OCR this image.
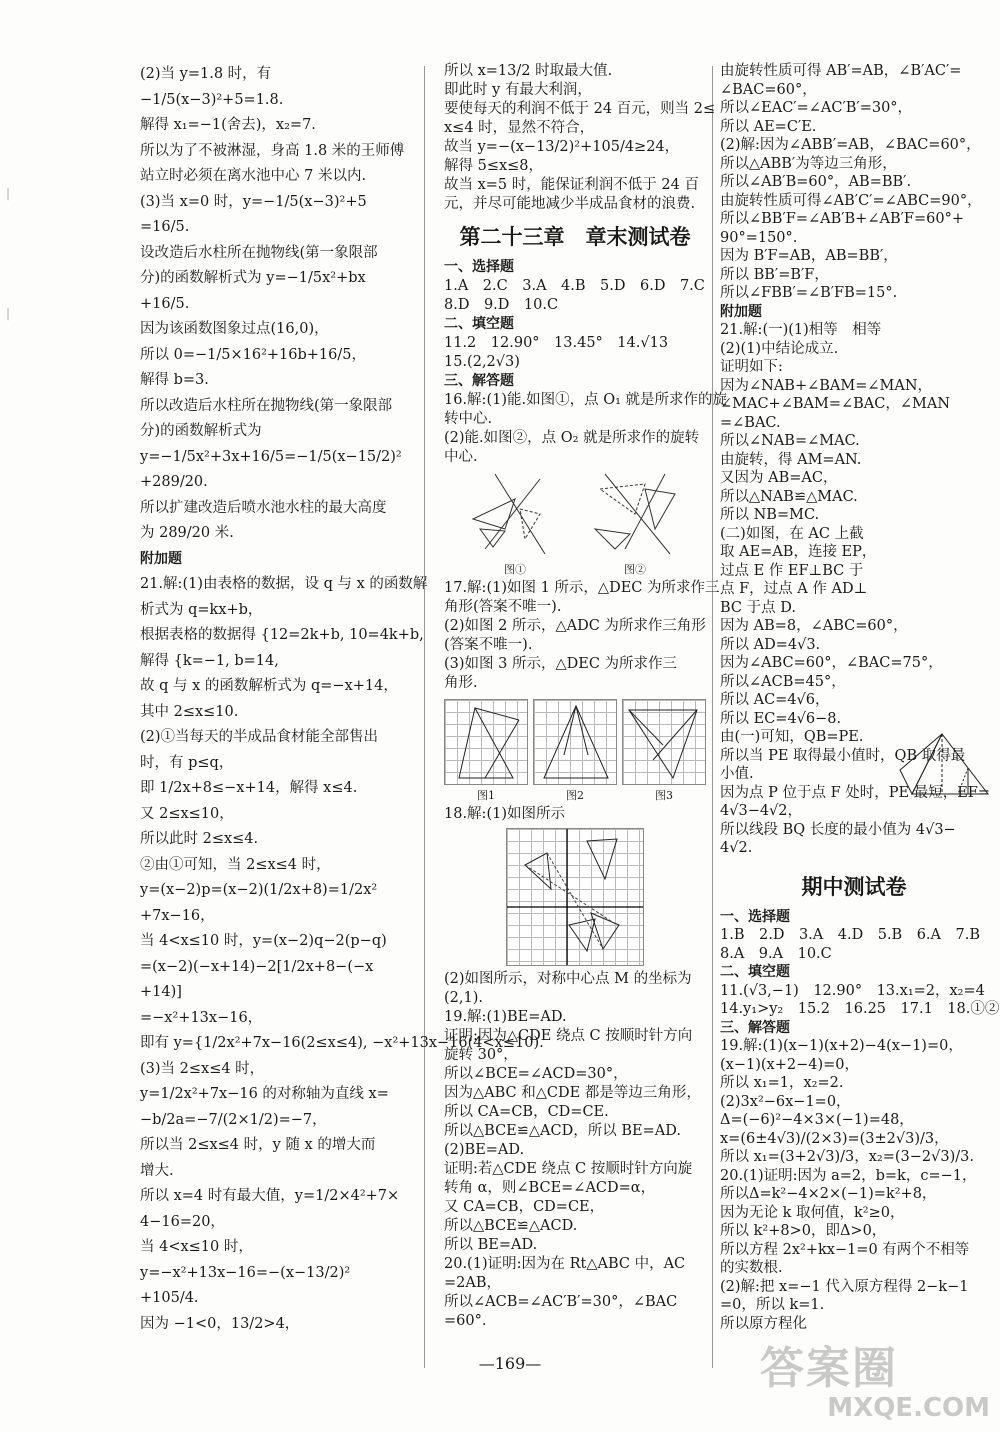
|
|
(2)当 y=1.8 时，有
−1/5(x−3)²+5=1.8.
解得 x₁=−1(舍去)，x₂=7.
所以为了不被淋湿，身高 1.8 米的王师傅
站立时必须在离水池中心 7 米以内.
(3)当 x=0 时，y=−1/5(x−3)²+5
=16/5.
设改造后水柱所在抛物线(第一象限部
分)的函数解析式为 y=−1/5x²+bx
+16/5.
因为该函数图象过点(16,0)，
所以 0=−1/5×16²+16b+16/5，
解得 b=3.
所以改造后水柱所在抛物线(第一象限部
分)的函数解析式为
y=−1/5x²+3x+16/5=−1/5(x−15/2)²
+289/20.
所以扩建改造后喷水池水柱的最大高度
为 289/20 米.
附加题
21.解:(1)由表格的数据，设 q 与 x 的函数解
析式为 q=kx+b，
根据表格的数据得 {12=2k+b, 10=4k+b,
解得 {k=−1, b=14,
故 q 与 x 的函数解析式为 q=−x+14，
其中 2≤x≤10.
(2)①当每天的半成品食材能全部售出
时，有 p≤q，
即 1/2x+8≤−x+14，解得 x≤4.
又 2≤x≤10，
所以此时 2≤x≤4.
②由①可知，当 2≤x≤4 时，
y=(x−2)p=(x−2)(1/2x+8)=1/2x²
+7x−16，
当 4<x≤10 时，y=(x−2)q−2(p−q)
=(x−2)(−x+14)−2[1/2x+8−(−x
+14)]
=−x²+13x−16，
即有 y={1/2x²+7x−16(2≤x≤4), −x²+13x−16(4<x≤10).
(3)当 2≤x≤4 时，
y=1/2x²+7x−16 的对称轴为直线 x=
−b/2a=−7/(2×1/2)=−7，
所以当 2≤x≤4 时，y 随 x 的增大而
增大.
所以 x=4 时有最大值，y=1/2×4²+7×
4−16=20，
当 4<x≤10 时，
y=−x²+13x−16=−(x−13/2)²
+105/4.
因为 −1<0，13/2>4，
所以 x=13/2 时取最大值.
即此时 y 有最大利润，
要使每天的利润不低于 24 百元，则当 2≤
x≤4 时，显然不符合，
故当 y=−(x−13/2)²+105/4≥24，
解得 5≤x≤8，
故当 x=5 时，能保证利润不低于 24 百
元，并尽可能地减少半成品食材的浪费.
第二十三章　章末测试卷
一、选择题
1.A　2.C　3.A　4.B　5.D　6.D　7.C
8.D　9.D　10.C
二、填空题
11.2　12.90°　13.45°　14.√13
15.(2,2√3)
三、解答题
16.解:(1)能.如图①，点 O₁ 就是所求作的旋
转中心.
(2)能.如图②，点 O₂ 就是所求作的旋转
中心.
图①	图②
17.解:(1)如图 1 所示，△DEC 为所求作三
角形(答案不唯一).
(2)如图 2 所示，△ADC 为所求作三角形
(答案不唯一).
(3)如图 3 所示，△DEC 为所求作三
角形.
图1	图2	图3
18.解:(1)如图所示
(2)如图所示，对称中心点 M 的坐标为
(2,1).
19.解:(1)BE=AD.
证明:因为△CDE 绕点 C 按顺时针方向
旋转 30°，
所以∠BCE=∠ACD=30°，
因为△ABC 和△CDE 都是等边三角形，
所以 CA=CB，CD=CE.
所以△BCE≌△ACD，所以 BE=AD.
(2)BE=AD.
证明:若△CDE 绕点 C 按顺时针方向旋
转角 α，则∠BCE=∠ACD=α，
又 CA=CB，CD=CE，
所以△BCE≌△ACD.
所以 BE=AD.
20.(1)证明:因为在 Rt△ABC 中，AC
=2AB，
所以∠ACB=∠AC′B′=30°，∠BAC
=60°.
由旋转性质可得 AB′=AB，∠B′AC′=
∠BAC=60°，
所以∠EAC′=∠AC′B′=30°，
所以 AE=C′E.
(2)解:因为∠ABB′=AB，∠BAC=60°，
所以△ABB′为等边三角形，
所以∠AB′B=60°，AB=BB′.
由旋转性质可得∠AB′C′=∠ABC=90°，
所以∠BB′F=∠AB′B+∠AB′F=60°+
90°=150°.
因为 B′F=AB，AB=BB′，
所以 BB′=B′F，
所以∠FBB′=∠B′FB=15°.
附加题
21.解:(一)(1)相等　相等
(2)(1)中结论成立.
证明如下:
因为∠NAB+∠BAM=∠MAN，
∠MAC+∠BAM=∠BAC，∠MAN
=∠BAC.
所以∠NAB=∠MAC.
由旋转，得 AM=AN.
又因为 AB=AC，
所以△NAB≌△MAC.
所以 NB=MC.
(二)如图，在 AC 上截
取 AE=AB，连接 EP，
过点 E 作 EF⊥BC 于
点 F，过点 A 作 AD⊥
BC 于点 D.
因为 AB=8，∠ABC=60°，
所以 AD=4√3.
因为∠ABC=60°，∠BAC=75°，
所以∠ACB=45°，
所以 AC=4√6，
所以 EC=4√6−8.
由(一)可知，QB=PE.
所以当 PE 取得最小值时，QB 取得最
小值.
因为点 P 位于点 F 处时，PE 最短，EF=
4√3−4√2，
所以线段 BQ 长度的最小值为 4√3−
4√2.
期中测试卷
一、选择题
1.B　2.D　3.A　4.D　5.B　6.A　7.B
8.A　9.A　10.C
二、填空题
11.(√3,−1)　12.90°　13.x₁=2，x₂=4
14.y₁>y₂　15.2　16.25　17.1　18.①②
三、解答题
19.解:(1)(x−1)(x+2)−4(x−1)=0，
(x−1)(x+2−4)=0，
所以 x₁=1，x₂=2.
(2)3x²−6x−1=0，
Δ=(−6)²−4×3×(−1)=48，
x=(6±4√3)/(2×3)=(3±2√3)/3，
所以 x₁=(3+2√3)/3，x₂=(3−2√3)/3.
20.(1)证明:因为 a=2，b=k，c=−1，
所以Δ=k²−4×2×(−1)=k²+8，
因为无论 k 取何值，k²≥0，
所以 k²+8>0，即Δ>0，
所以方程 2x²+kx−1=0 有两个不相等
的实数根.
(2)解:把 x=−1 代入原方程得 2−k−1
=0，所以 k=1.
所以原方程化
—169—	答案圈
MXQE.COM
